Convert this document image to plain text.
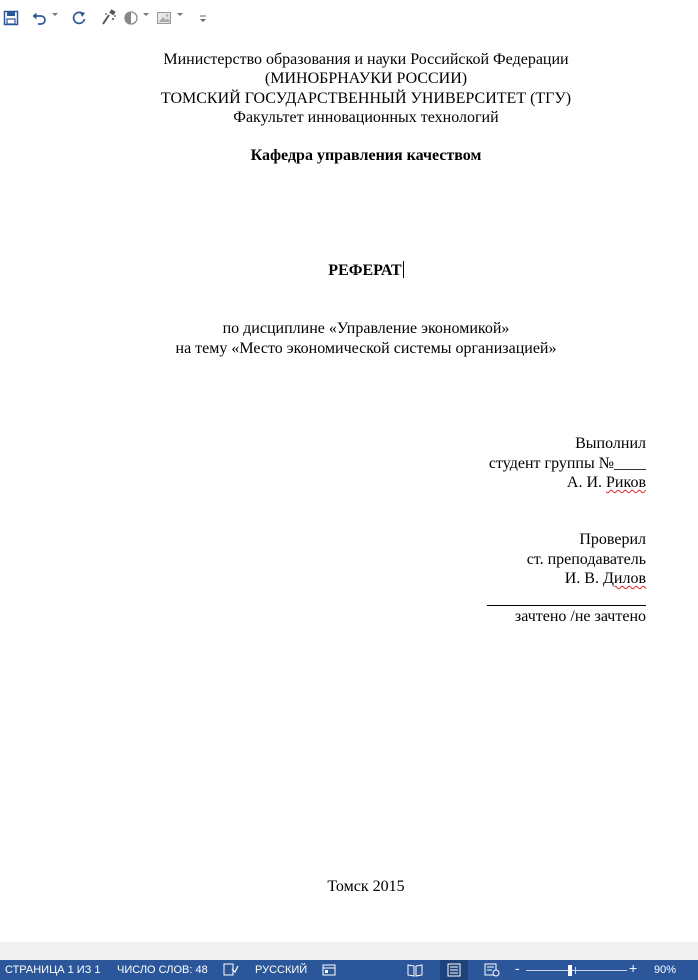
Министерство образования и науки Российской Федерации
(МИНОБРНАУКИ РОССИИ)
ТОМСКИЙ ГОСУДАРСТВЕННЫЙ УНИВЕРСИТЕТ (ТГУ)
Факультет инновационных технологий
Кафедра управления качеством
РЕФЕРАТ
по дисциплине «Управление экономикой»
на тему «Место экономической системы организацией»
Выполнил
студент группы №____
А. И. Риков
Проверил
ст. преподаватель
И. В. Дилов
зачтено /не зачтено
Томск 2015
СТРАНИЦА 1 ИЗ 1 ЧИСЛО СЛОВ: 48	РУССКИЙ	-	+ 90%
